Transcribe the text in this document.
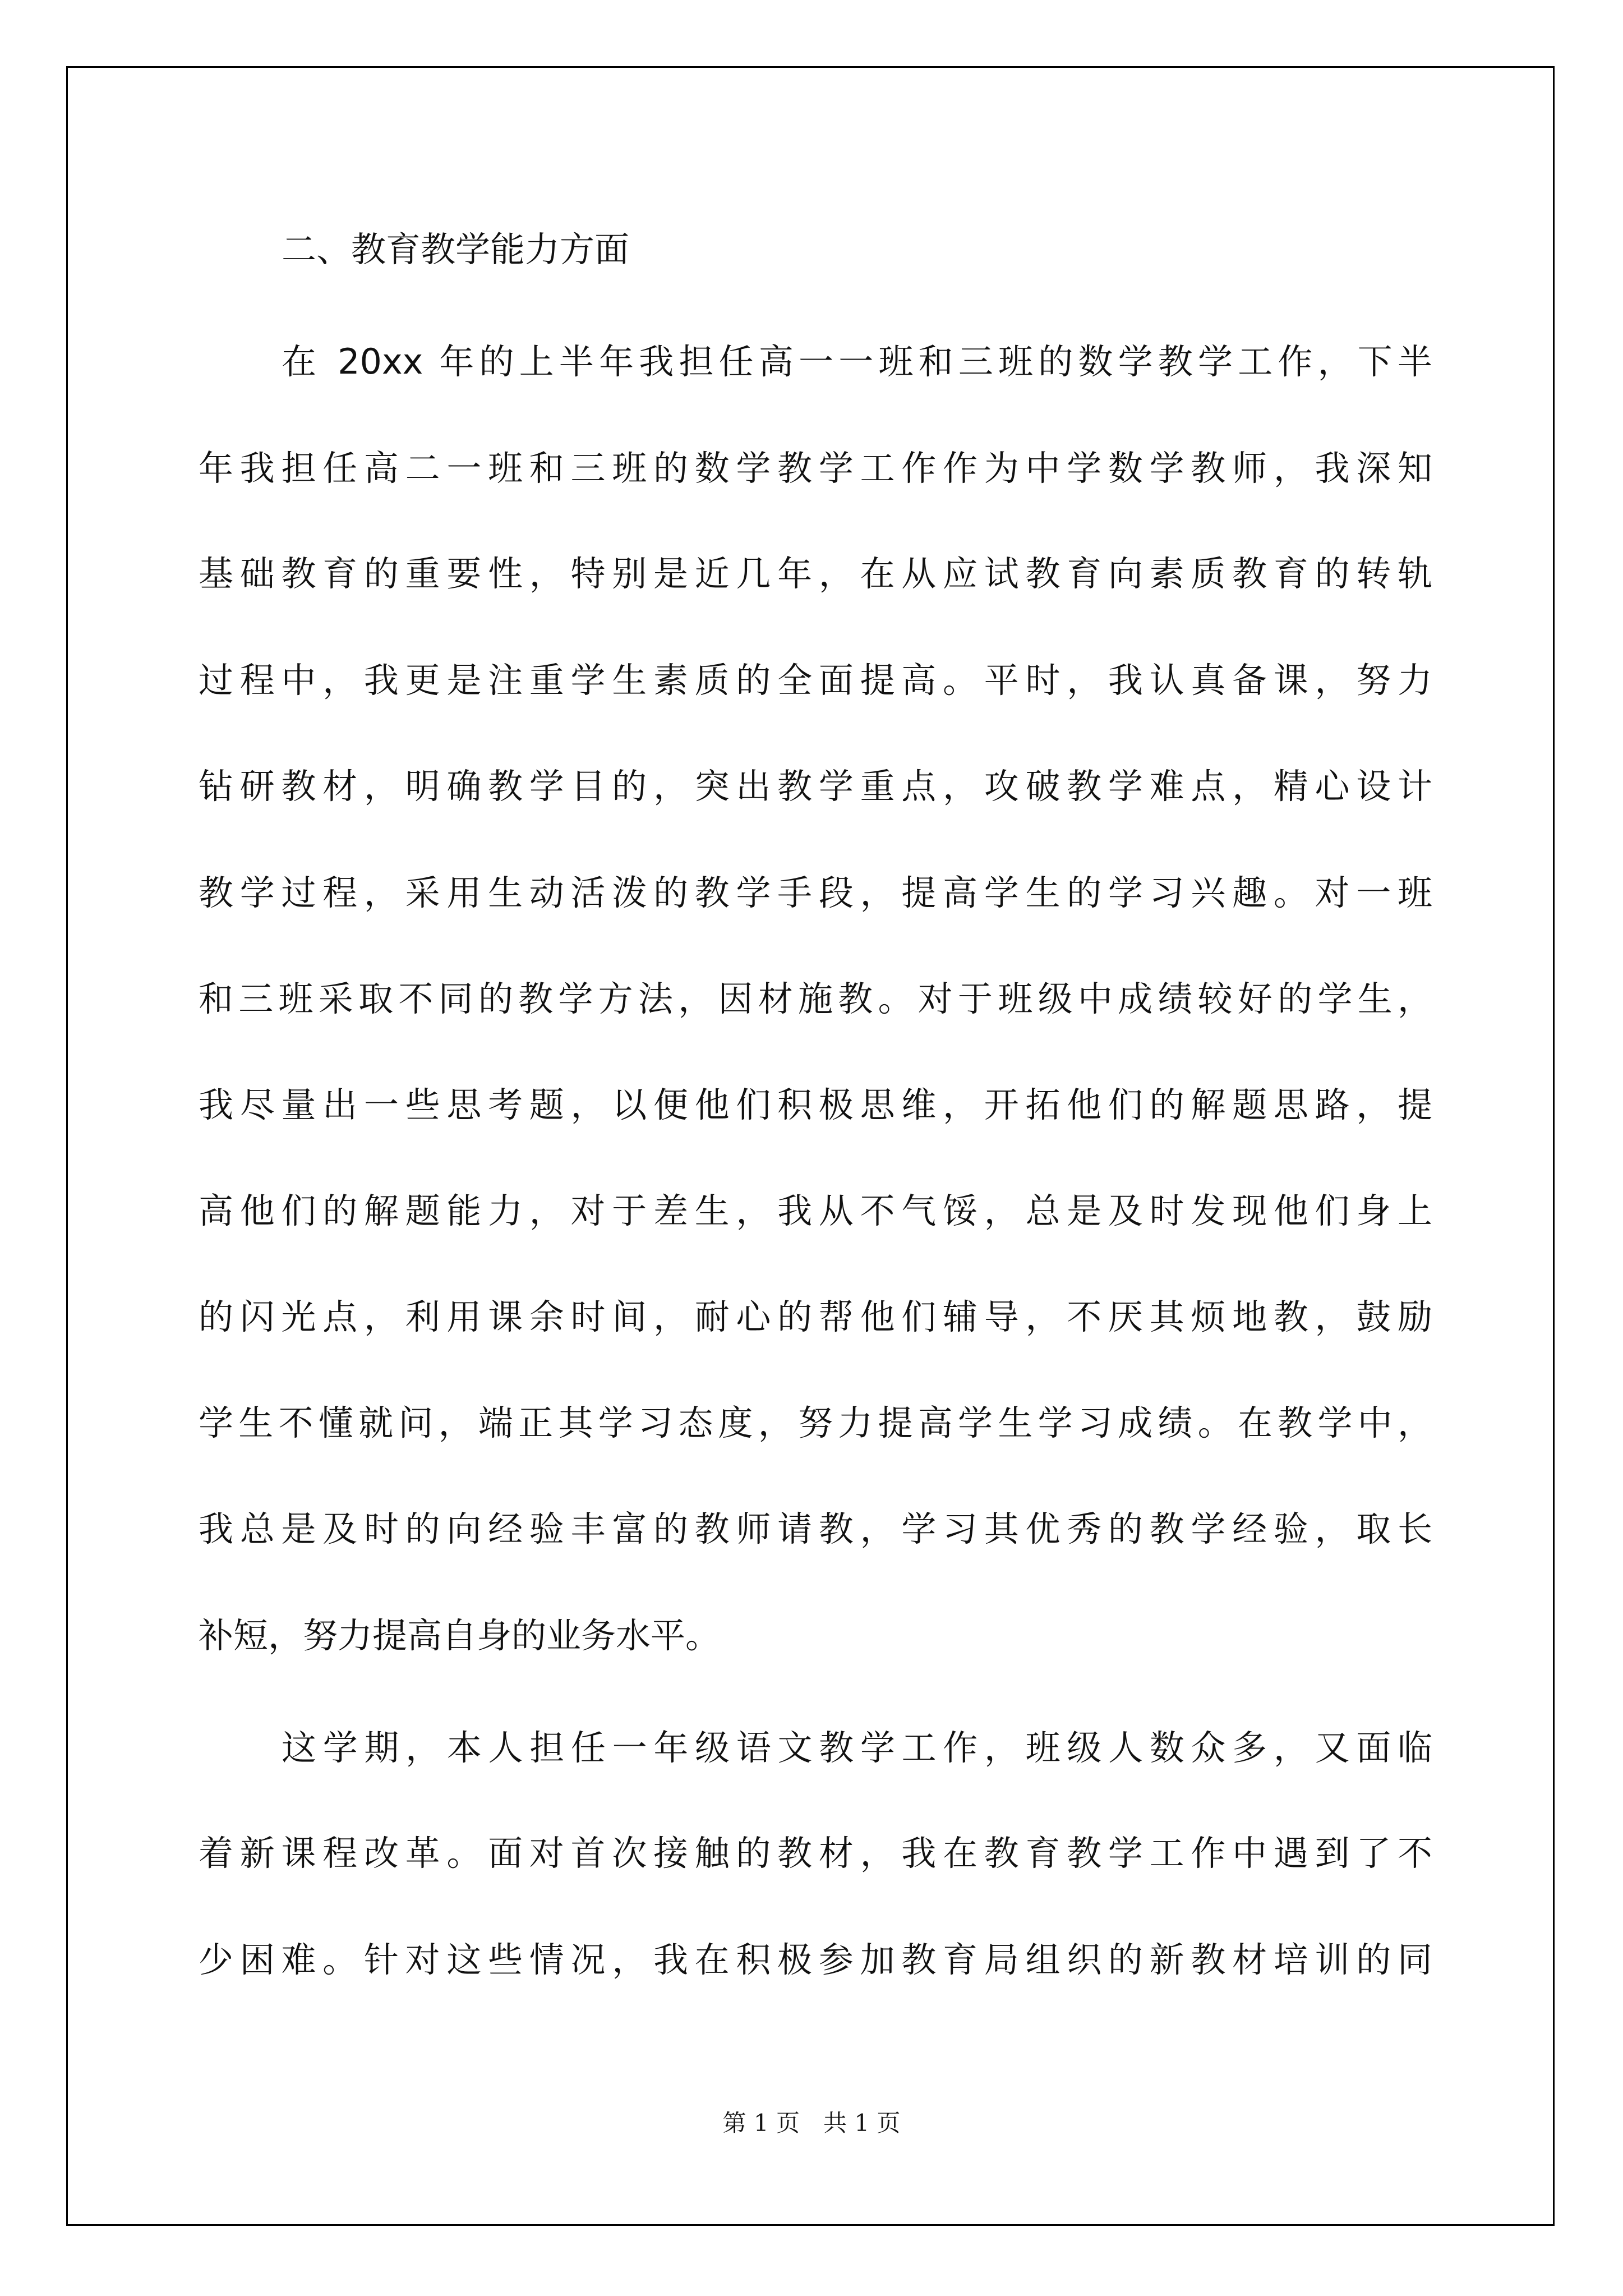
二、教育教学能力方面
在 20xx 年的上半年我担任高一一班和三班的数学教学工作，下半
年我担任高二一班和三班的数学教学工作作为中学数学教师，我深知
基础教育的重要性，特别是近几年，在从应试教育向素质教育的转轨
过程中，我更是注重学生素质的全面提高。平时，我认真备课，努力
钻研教材，明确教学目的，突出教学重点，攻破教学难点，精心设计
教学过程，采用生动活泼的教学手段，提高学生的学习兴趣。对一班
和三班采取不同的教学方法，因材施教。对于班级中成绩较好的学生，
我尽量出一些思考题，以便他们积极思维，开拓他们的解题思路，提
高他们的解题能力，对于差生，我从不气馁，总是及时发现他们身上
的闪光点，利用课余时间，耐心的帮他们辅导，不厌其烦地教，鼓励
学生不懂就问，端正其学习态度，努力提高学生学习成绩。在教学中，
我总是及时的向经验丰富的教师请教，学习其优秀的教学经验，取长
补短，努力提高自身的业务水平。
这学期，本人担任一年级语文教学工作，班级人数众多，又面临
着新课程改革。面对首次接触的教材，我在教育教学工作中遇到了不
少困难。针对这些情况，我在积极参加教育局组织的新教材培训的同
第 1 页　共 1 页
